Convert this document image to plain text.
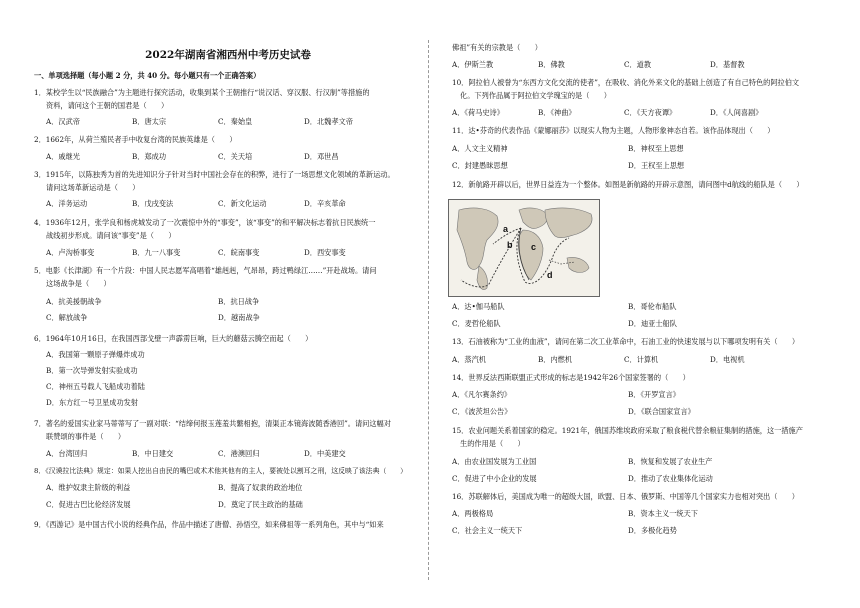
2022年湖南省湘西州中考历史试卷
一、单项选择题（每小题 2 分，共 40 分。每小题只有一个正确答案）
1．某校学生以“民族融合”为主题进行探究活动，收集到某个王朝推行“说汉话、穿汉服、行汉制”等措施的
资料，请问这个王朝的国君是（　　）
A．汉武帝	B．唐太宗	C．秦始皇	D．北魏孝文帝
2．1662年，从荷兰殖民者手中收复台湾的民族英雄是（　　）
A．戚继光	B．郑成功	C．关天培	D．邓世昌
3．1915年，以陈独秀为首的先进知识分子针对当时中国社会存在的积弊，进行了一场思想文化领域的革新运动。
请问这场革新运动是（　　）
A．洋务运动	B．戊戌变法	C．新文化运动	D．辛亥革命
4．1936年12月，张学良和杨虎城发动了一次震惊中外的“事变”，该“事变”的和平解决标志着抗日民族统一
战线初步形成。请问该“事变”是（　　）
A．卢沟桥事变	B．九一八事变	C．皖南事变	D．西安事变
5．电影《长津湖》有一个片段：中国人民志愿军高唱着“雄赳赳，气昂昂，跨过鸭绿江……”开赴战场。请问
这场战争是（　　）
A．抗美援朝战争	B．抗日战争
C．解放战争	D．越南战争
6．1964年10月16日，在我国西部戈壁一声霹雳巨响，巨大的蘑菇云腾空而起（　　）
A．我国第一颗原子弹爆炸成功
B．第一次导弹发射实验成功
C．神州五号载人飞船成功着陆
D．东方红一号卫星成功发射
7．著名的爱国实业家马蒂蒂写了一副对联：“结缔何报玉莲羞共蘩相抱，清渠正本镜海波随香港回”。请问这幅对
联赞颂的事件是（　　）
A．台湾回归	B．中日建交	C．港澳回归	D．中美建交
8．《汉谟拉比法典》规定：如果人挖出自由民的嘴巴或术术他其他有的主人，要被处以割耳之刑，这反映了该法典（　　）
A．维护奴隶主阶级的利益	B．提高了奴隶的政治地位
C．促进古巴比伦经济发展	D．奠定了民主政治的基础
9．《西游记》是中国古代小说的经典作品，作品中描述了唐僧、孙悟空，如来佛祖等一系列角色，其中与“如来
佛祖”有关的宗教是（　　）
A．伊斯兰教	B．佛教	C．道教	D．基督教
10．阿拉伯人被誉为“东西方文化交流的使者”，在吸收、消化外来文化的基础上创造了有自己特色的阿拉伯文
化。下列作品属于阿拉伯文学瑰宝的是（　　）
A．《荷马史诗》	B．《神曲》	C．《天方夜谭》	D．《人间喜剧》
11．达•芬奇的代表作品《蒙娜丽莎》以现实人物为主题，人物形象神态自若。该作品体现出（　　）
A．人文主义精神	B．神权至上思想
C．封建愚昧思想	D．王权至上思想
12．新航路开辟以后，世界日益连为一个整体。如图是新航路的开辟示意图，请问图中d航线的船队是（　　）
a
b c
d
A．达•伽马船队	B．哥伦布船队
C．麦哲伦船队	D．迪亚士船队
13．石油被称为“工业的血液”，请问在第二次工业革命中，石油工业的快速发展与以下哪项发明有关（　　）
A．蒸汽机	B．内燃机	C．计算机	D．电视机
14．世界反法西斯联盟正式形成的标志是1942年26个国家签署的（　　）
A．《凡尔赛条约》	B．《开罗宣言》
C．《波茨坦公告》	D．《联合国家宣言》
15．农业问题关系着国家的稳定。1921年，俄国苏维埃政府采取了粮食税代替余粮征集制的措施，这一措施产
生的作用是（　　）
A．由农业国发展为工业国	B．恢复和发展了农业生产
C．促进了中小企业的发展	D．推动了农业集体化运动
16．苏联解体后，美国成为唯一的超级大国，欧盟、日本、俄罗斯、中国等几个国家实力也相对突出（　　）
A．两极格局	B．资本主义一统天下
C．社会主义一统天下	D．多极化趋势
